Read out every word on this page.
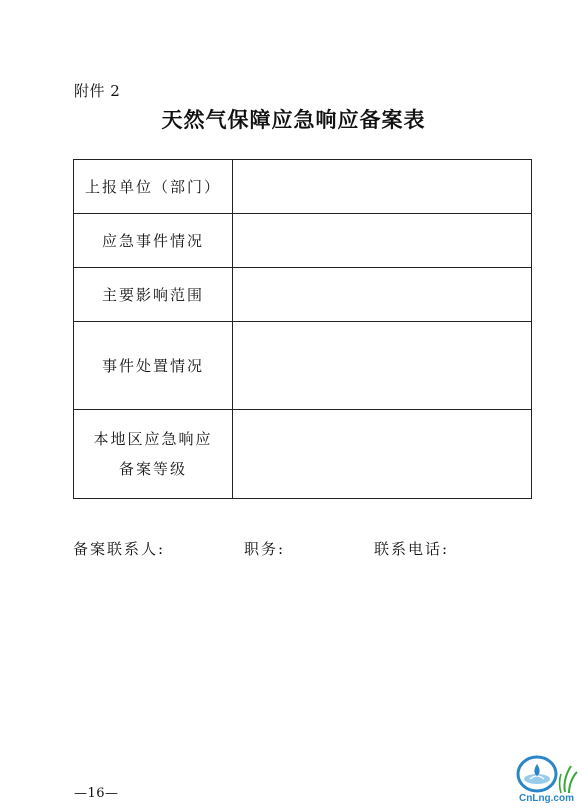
附件 2
天然气保障应急响应备案表
上报单位（部门）	
应急事件情况	
主要影响范围	
事件处置情况	

本地区应急响应
备案等级	

备案联系人:	职务:	联系电话:
—16—	CnLng.com
